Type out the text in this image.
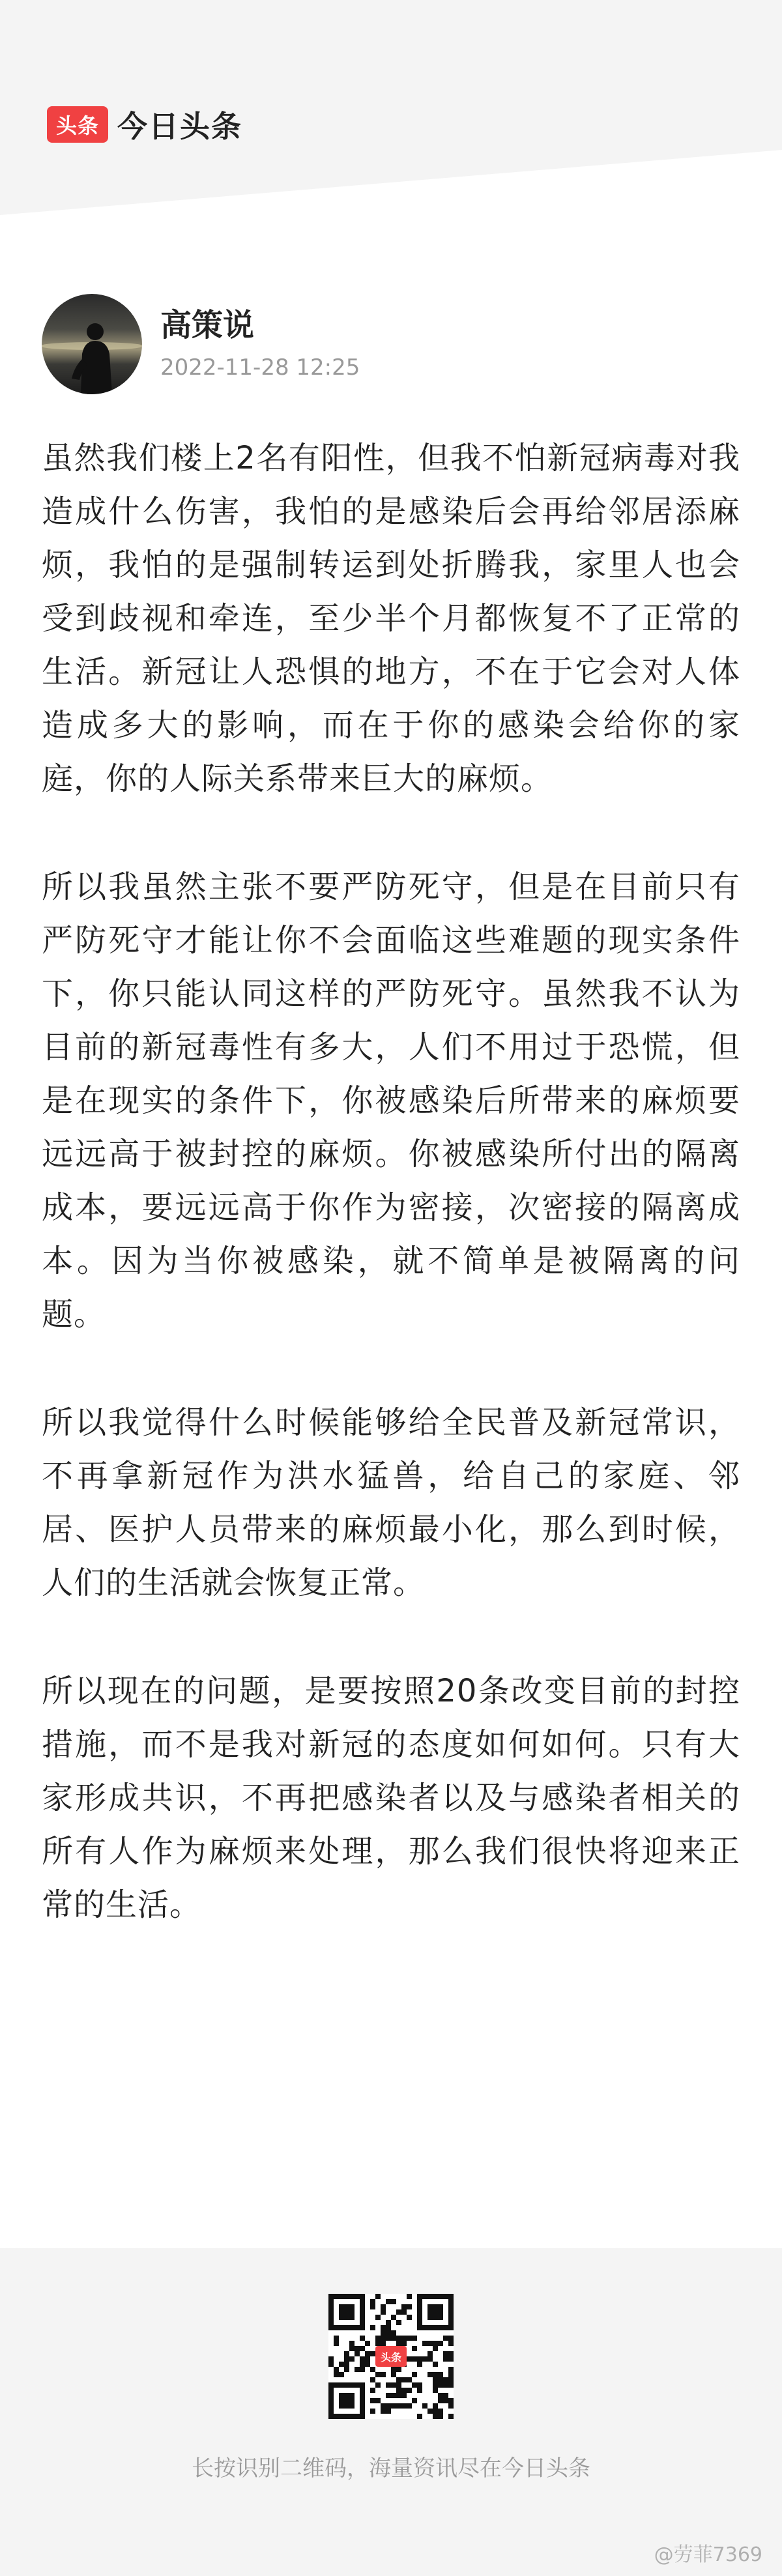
头条 今日头条
高策说
2022-11-28 12:25

虽然我们楼上2名有阳性，但我不怕新冠病毒对我造成什么伤害，我怕的是感染后会再给邻居添麻烦，我怕的是强制转运到处折腾我，家里人也会受到歧视和牵连，至少半个月都恢复不了正常的生活。新冠让人恐惧的地方，不在于它会对人体造成多大的影响，而在于你的感染会给你的家庭，你的人际关系带来巨大的麻烦。

所以我虽然主张不要严防死守，但是在目前只有严防死守才能让你不会面临这些难题的现实条件下，你只能认同这样的严防死守。虽然我不认为目前的新冠毒性有多大，人们不用过于恐慌，但是在现实的条件下，你被感染后所带来的麻烦要远远高于被封控的麻烦。你被感染所付出的隔离成本，要远远高于你作为密接，次密接的隔离成本。因为当你被感染，就不简单是被隔离的问题。

所以我觉得什么时候能够给全民普及新冠常识，不再拿新冠作为洪水猛兽，给自己的家庭、邻居、医护人员带来的麻烦最小化，那么到时候，人们的生活就会恢复正常。

所以现在的问题，是要按照20条改变目前的封控措施，而不是我对新冠的态度如何如何。只有大家形成共识，不再把感染者以及与感染者相关的所有人作为麻烦来处理，那么我们很快将迎来正常的生活。

头条
长按识别二维码，海量资讯尽在今日头条
@劳菲7369
